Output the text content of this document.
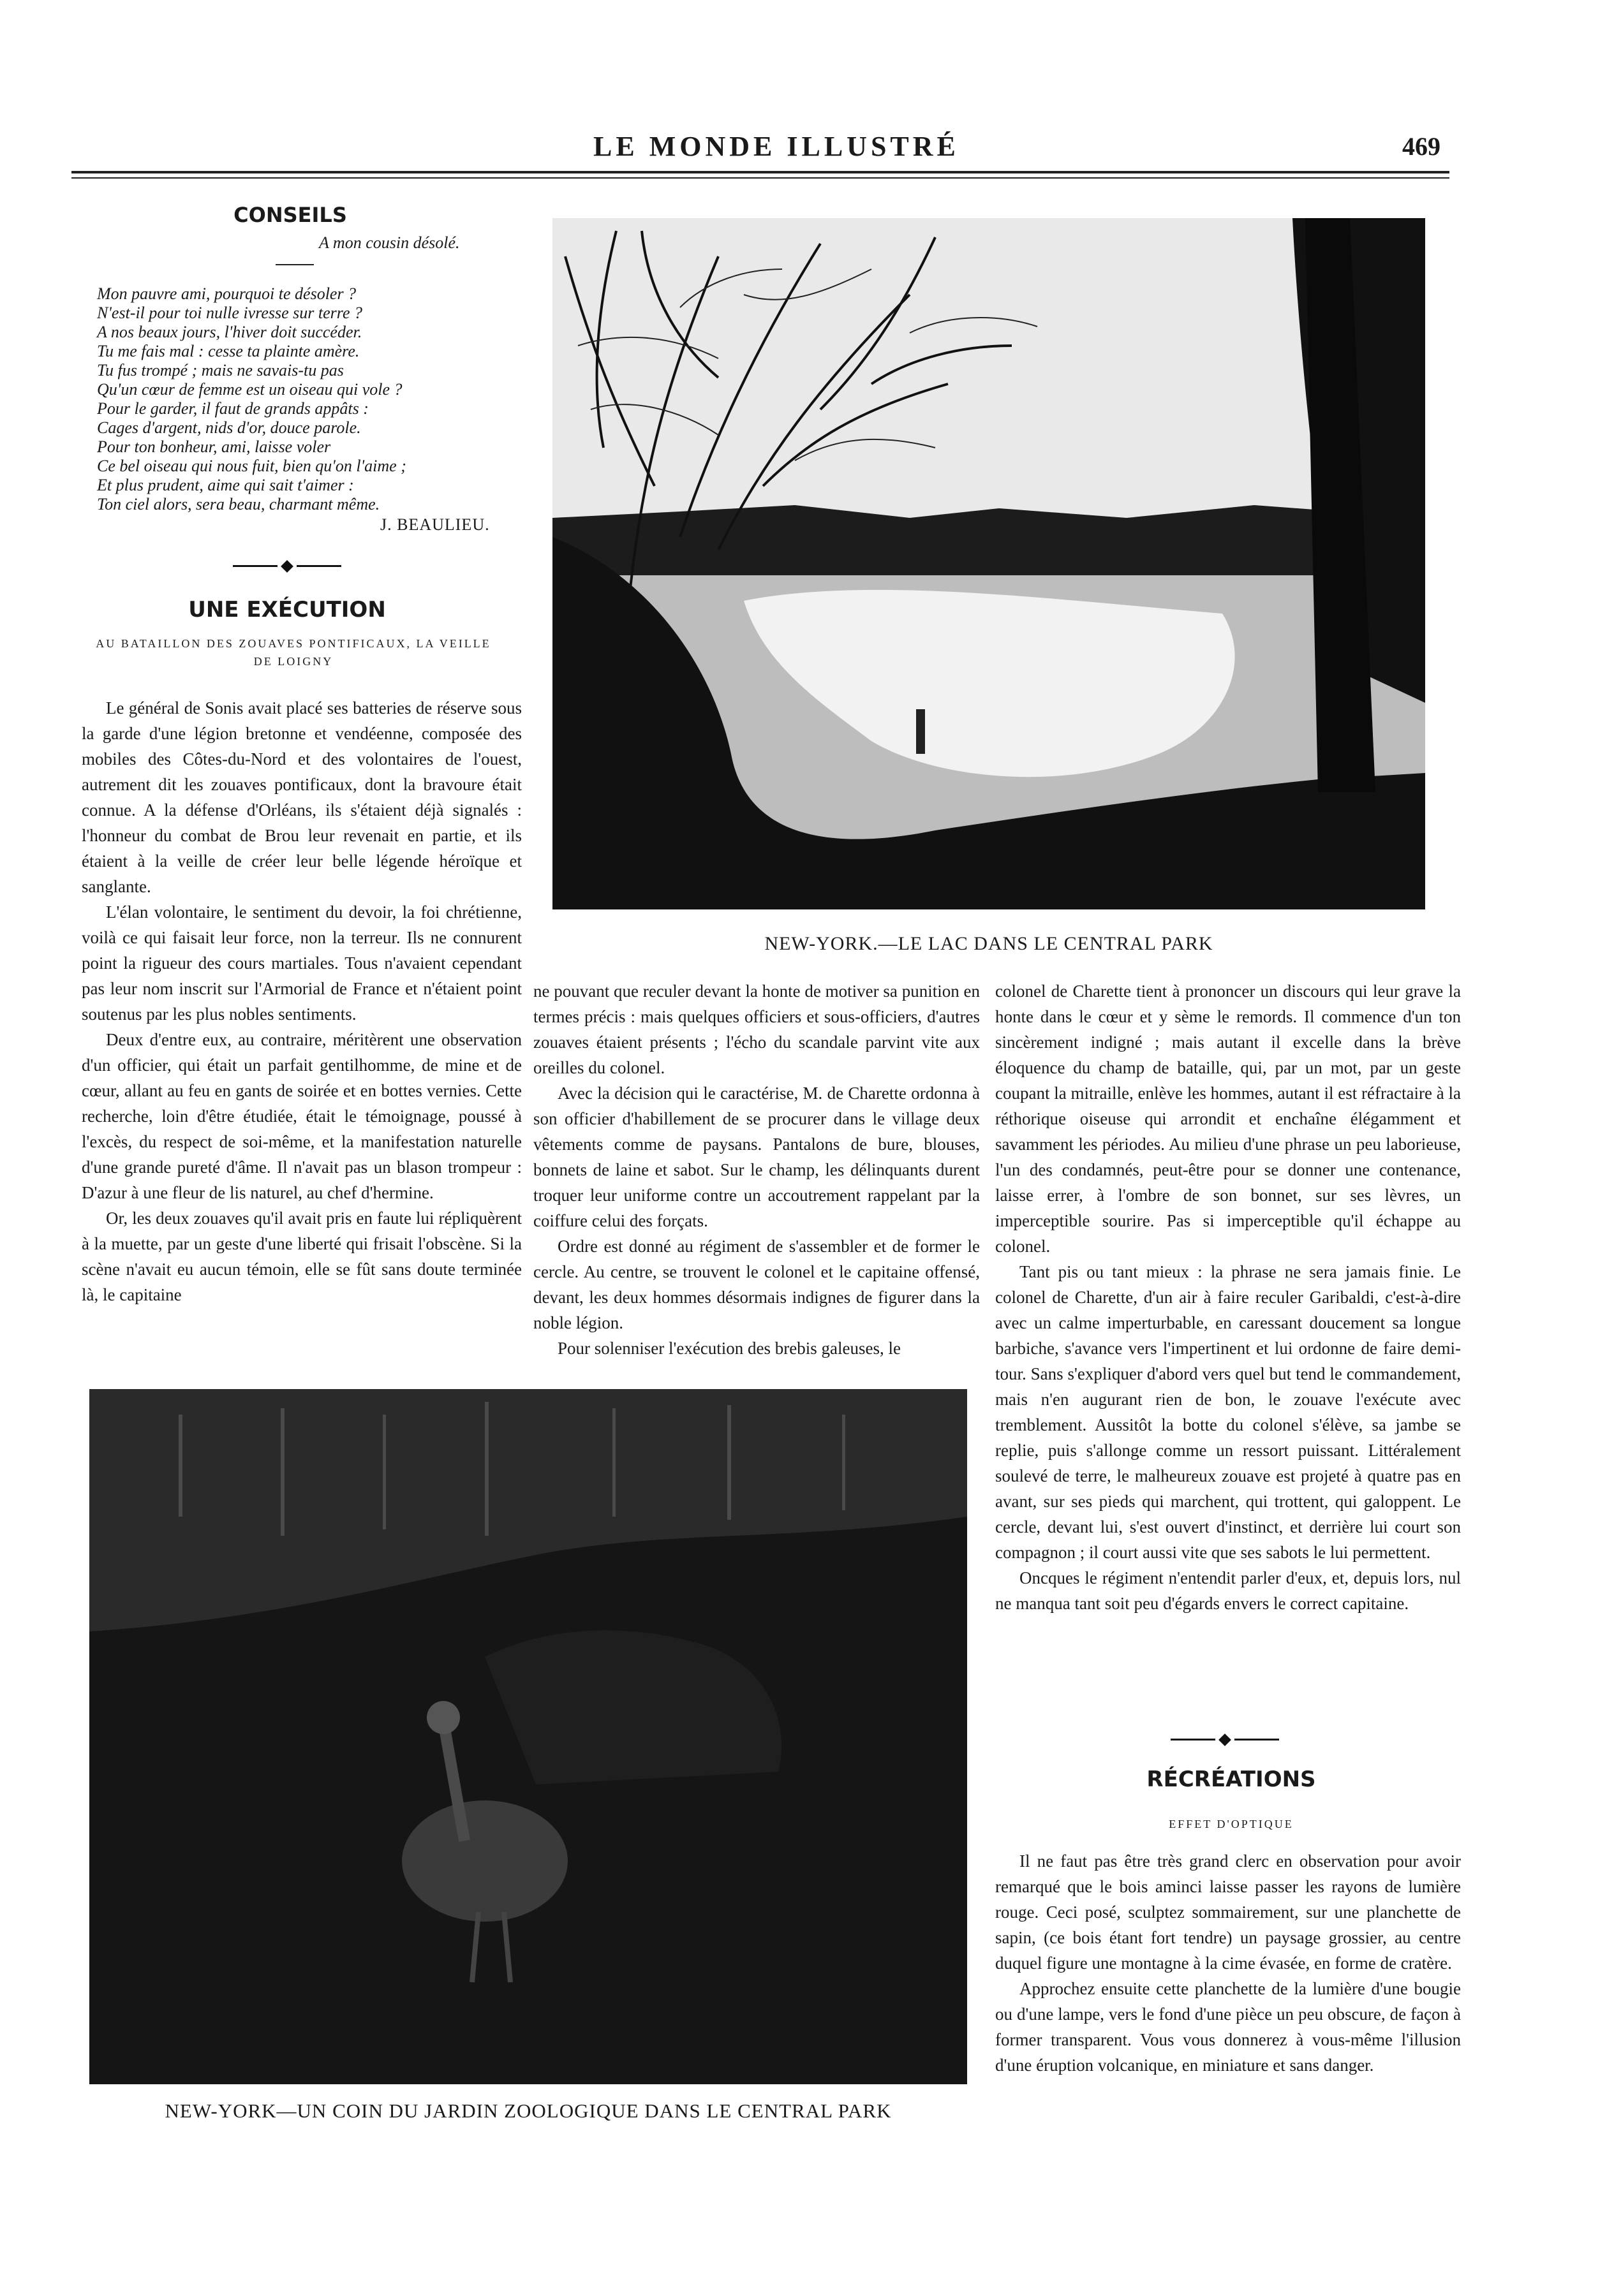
LE MONDE ILLUSTRÉ	469
CONSEILS
A mon cousin désolé.
Mon pauvre ami, pourquoi te désoler ?
N'est-il pour toi nulle ivresse sur terre ?
A nos beaux jours, l'hiver doit succéder.
Tu me fais mal : cesse ta plainte amère.
Tu fus trompé ; mais ne savais-tu pas
Qu'un cœur de femme est un oiseau qui vole ?
Pour le garder, il faut de grands appâts :
Cages d'argent, nids d'or, douce parole.
Pour ton bonheur, ami, laisse voler
Ce bel oiseau qui nous fuit, bien qu'on l'aime ;
Et plus prudent, aime qui sait t'aimer :
Ton ciel alors, sera beau, charmant même.
J. BEAULIEU.
UNE EXÉCUTION
AU BATAILLON DES ZOUAVES PONTIFICAUX, LA VEILLE DE LOIGNY

Le général de Sonis avait placé ses batteries de réserve sous la garde d'une légion bretonne et vendéenne, composée des mobiles des Côtes-du-Nord et des volontaires de l'ouest, autrement dit les zouaves pontificaux, dont la bravoure était connue. A la défense d'Orléans, ils s'étaient déjà signalés : l'honneur du combat de Brou leur revenait en partie, et ils étaient à la veille de créer leur belle légende héroïque et sanglante.

L'élan volontaire, le sentiment du devoir, la foi chrétienne, voilà ce qui faisait leur force, non la terreur. Ils ne connurent point la rigueur des cours martiales. Tous n'avaient cependant pas leur nom inscrit sur l'Armorial de France et n'étaient point soutenus par les plus nobles sentiments.

Deux d'entre eux, au contraire, méritèrent une observation d'un officier, qui était un parfait gentilhomme, de mine et de cœur, allant au feu en gants de soirée et en bottes vernies. Cette recherche, loin d'être étudiée, était le témoignage, poussé à l'excès, du respect de soi-même, et la manifestation naturelle d'une grande pureté d'âme. Il n'avait pas un blason trompeur : D'azur à une fleur de lis naturel, au chef d'hermine.

Or, les deux zouaves qu'il avait pris en faute lui répliquèrent à la muette, par un geste d'une liberté qui frisait l'obscène. Si la scène n'avait eu aucun témoin, elle se fût sans doute terminée là, le capitaine

ne pouvant que reculer devant la honte de motiver sa punition en termes précis : mais quelques officiers et sous-officiers, d'autres zouaves étaient présents ; l'écho du scandale parvint vite aux oreilles du colonel.

Avec la décision qui le caractérise, M. de Charette ordonna à son officier d'habillement de se procurer dans le village deux vêtements comme de paysans. Pantalons de bure, blouses, bonnets de laine et sabot. Sur le champ, les délinquants durent troquer leur uniforme contre un accoutrement rappelant par la coiffure celui des forçats.

Ordre est donné au régiment de s'assembler et de former le cercle. Au centre, se trouvent le colonel et le capitaine offensé, devant, les deux hommes désormais indignes de figurer dans la noble légion.

Pour solenniser l'exécution des brebis galeuses, le

colonel de Charette tient à prononcer un discours qui leur grave la honte dans le cœur et y sème le remords. Il commence d'un ton sincèrement indigné ; mais autant il excelle dans la brève éloquence du champ de bataille, qui, par un mot, par un geste coupant la mitraille, enlève les hommes, autant il est réfractaire à la réthorique oiseuse qui arrondit et enchaîne élégamment et savamment les périodes. Au milieu d'une phrase un peu laborieuse, l'un des condamnés, peut-être pour se donner une contenance, laisse errer, à l'ombre de son bonnet, sur ses lèvres, un imperceptible sourire. Pas si imperceptible qu'il échappe au colonel.

Tant pis ou tant mieux : la phrase ne sera jamais finie. Le colonel de Charette, d'un air à faire reculer Garibaldi, c'est-à-dire avec un calme imperturbable, en caressant doucement sa longue barbiche, s'avance vers l'impertinent et lui ordonne de faire demi-tour. Sans s'expliquer d'abord vers quel but tend le commandement, mais n'en augurant rien de bon, le zouave l'exécute avec tremblement. Aussitôt la botte du colonel s'élève, sa jambe se replie, puis s'allonge comme un ressort puissant. Littéralement soulevé de terre, le malheureux zouave est projeté à quatre pas en avant, sur ses pieds qui marchent, qui trottent, qui galoppent. Le cercle, devant lui, s'est ouvert d'instinct, et derrière lui court son compagnon ; il court aussi vite que ses sabots le lui permettent.

Oncques le régiment n'entendit parler d'eux, et, depuis lors, nul ne manqua tant soit peu d'égards envers le correct capitaine.

NEW-YORK.—LE LAC DANS LE CENTRAL PARK
NEW-YORK—UN COIN DU JARDIN ZOOLOGIQUE DANS LE CENTRAL PARK
RÉCRÉATIONS
EFFET D'OPTIQUE

Il ne faut pas être très grand clerc en observation pour avoir remarqué que le bois aminci laisse passer les rayons de lumière rouge. Ceci posé, sculptez sommairement, sur une planchette de sapin, (ce bois étant fort tendre) un paysage grossier, au centre duquel figure une montagne à la cime évasée, en forme de cratère.

Approchez ensuite cette planchette de la lumière d'une bougie ou d'une lampe, vers le fond d'une pièce un peu obscure, de façon à former transparent. Vous vous donnerez à vous-même l'illusion d'une éruption volcanique, en miniature et sans danger.
